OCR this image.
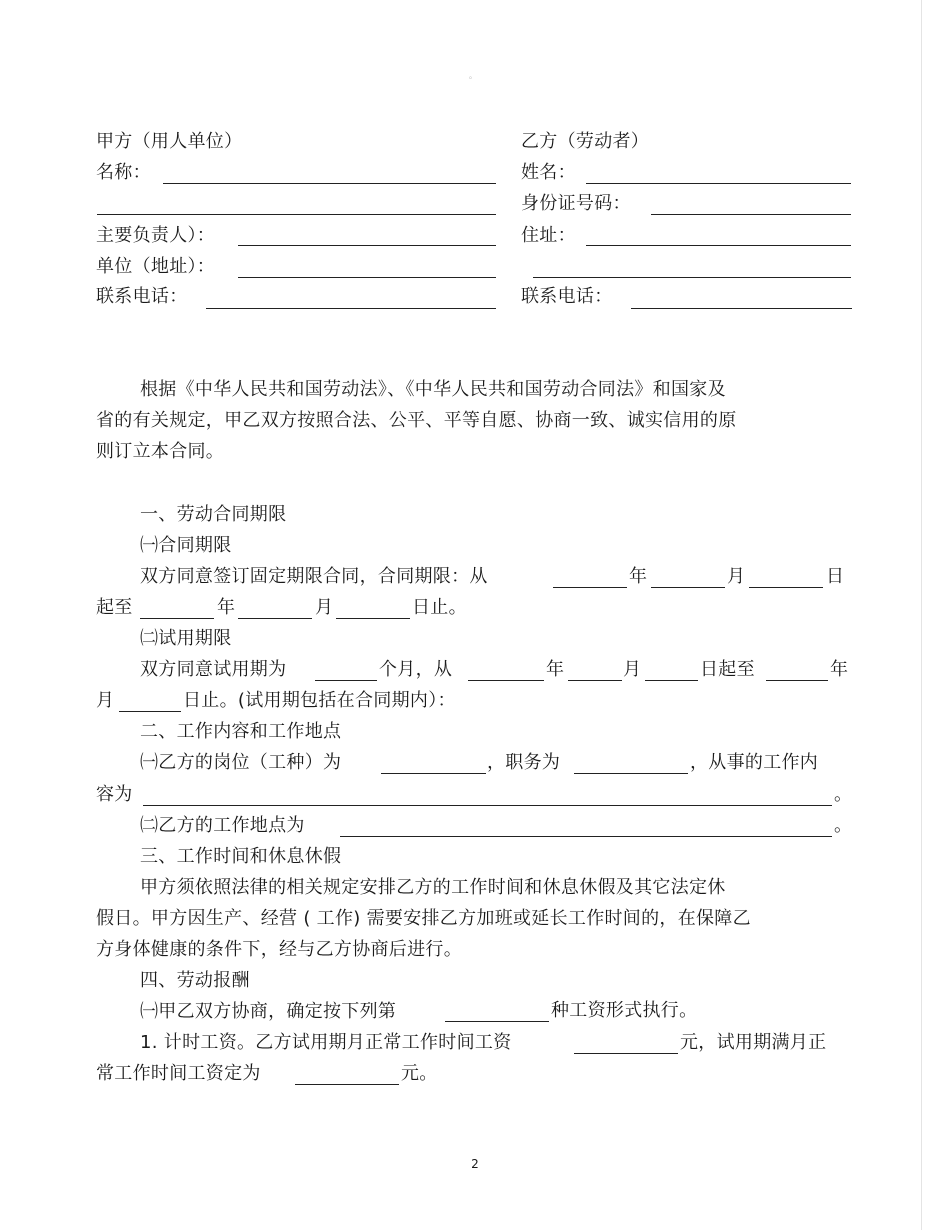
。
甲方（用人单位）
名称：
主要负责人）：
单位（地址）：
联系电话：
乙方（劳动者）
姓名：
身份证号码：
住址：
联系电话：
根据《中华人民共和国劳动法》、《中华人民共和国劳动合同法》和国家及
省的有关规定，甲乙双方按照合法、公平、平等自愿、协商一致、诚实信用的原
则订立本合同。
一、劳动合同期限
㈠合同期限
双方同意签订固定期限合同，合同期限：从	年	月	日
起至	年	月	日止。
㈡试用期限
双方同意试用期为	个月，从	年	月	日起至	年
月	日止。(试用期包括在合同期内）：
二、工作内容和工作地点
㈠乙方的岗位（工种）为	，职务为	，从事的工作内
容为	。
㈡乙方的工作地点为	。
三、工作时间和休息休假
甲方须依照法律的相关规定安排乙方的工作时间和休息休假及其它法定休
假日。甲方因生产、经营 ( 工作) 需要安排乙方加班或延长工作时间的，在保障乙
方身体健康的条件下，经与乙方协商后进行。
四、劳动报酬
㈠甲乙双方协商，确定按下列第	种工资形式执行。
1. 计时工资。乙方试用期月正常工作时间工资	元，试用期满月正
常工作时间工资定为	元。
2
